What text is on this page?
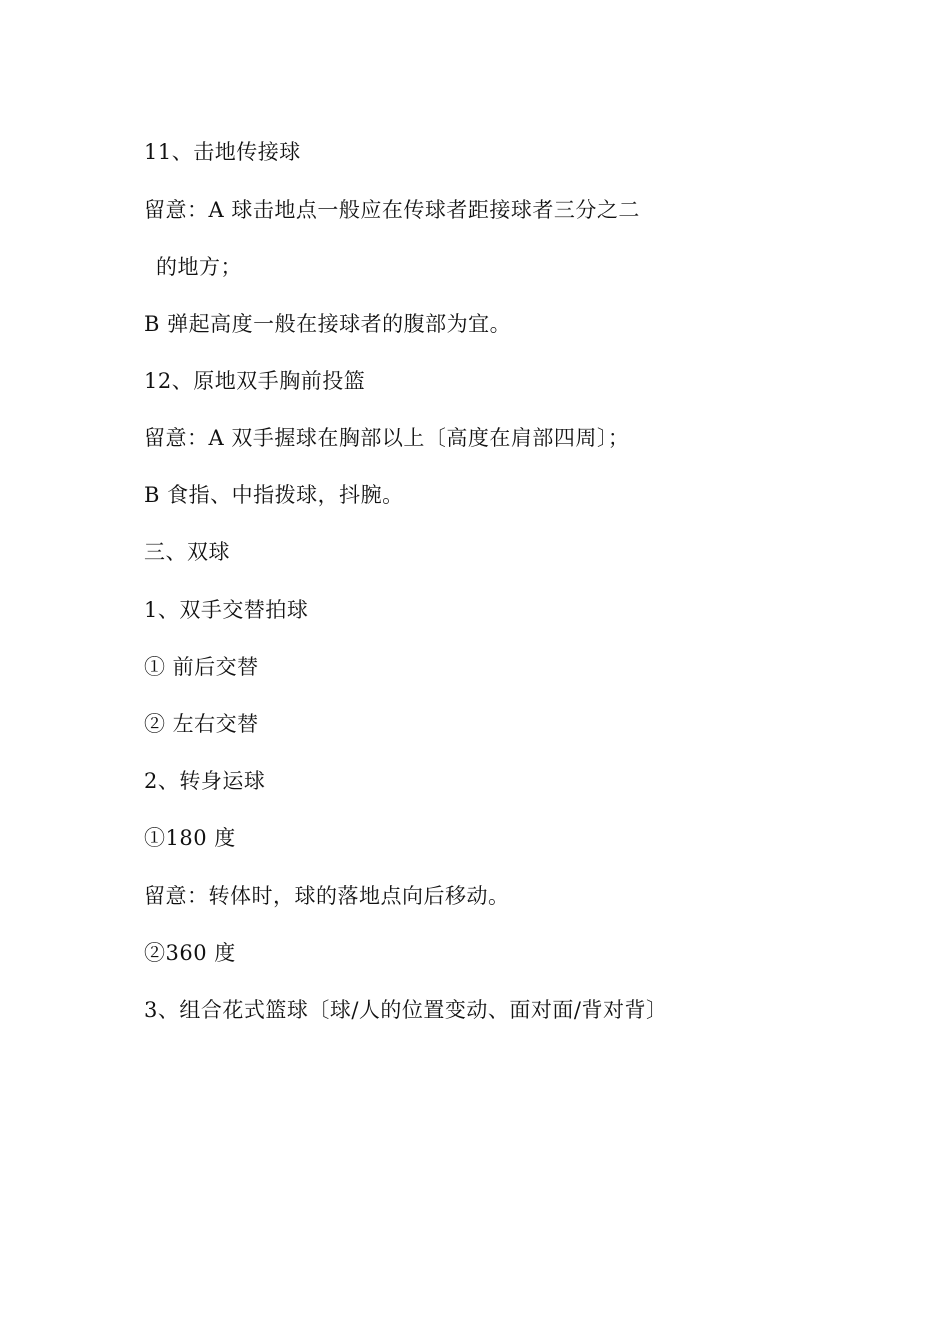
11、击地传接球
留意：A 球击地点一般应在传球者距接球者三分之二
的地方；
B 弹起高度一般在接球者的腹部为宜。
12、原地双手胸前投篮
留意：A 双手握球在胸部以上〔高度在肩部四周〕；
B 食指、中指拨球，抖腕。
三、双球
1、双手交替拍球
① 前后交替
② 左右交替
2、转身运球
①180 度
留意：转体时，球的落地点向后移动。
②360 度
3、组合花式篮球〔球/人的位置变动、面对面/背对背〕
